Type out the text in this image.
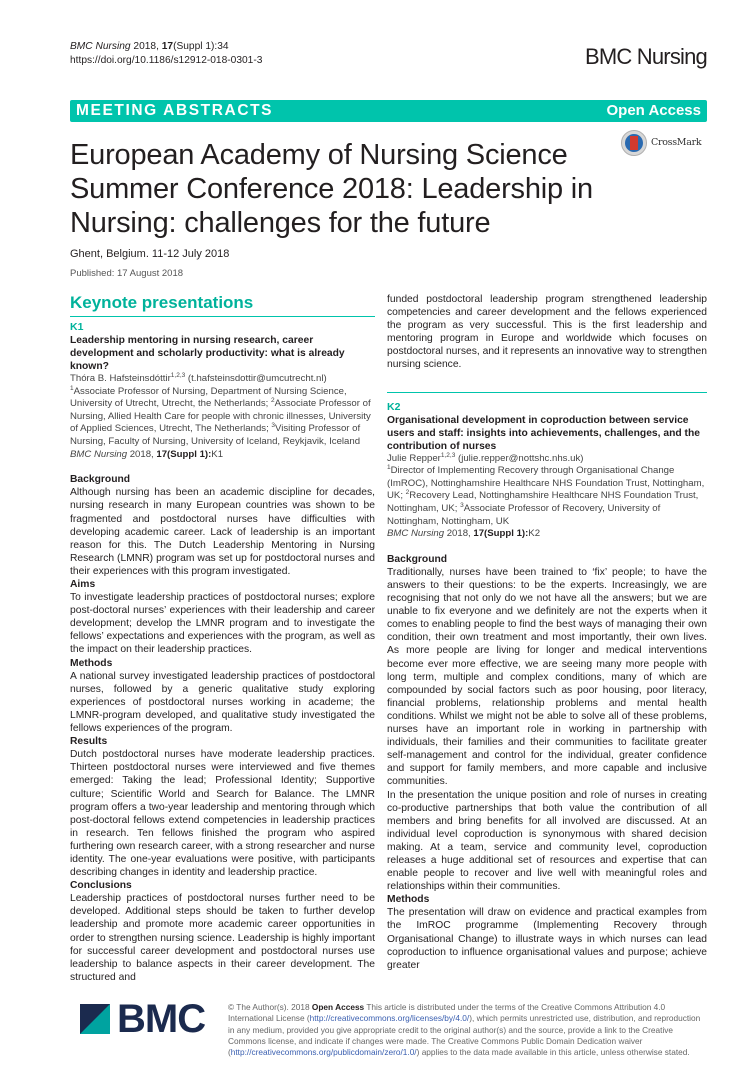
BMC Nursing 2018, 17(Suppl 1):34
https://doi.org/10.1186/s12912-018-0301-3	BMC Nursing
MEETING ABSTRACTS	Open Access
European Academy of Nursing Science Summer Conference 2018: Leadership in Nursing: challenges for the future
CrossMark
Ghent, Belgium. 11-12 July 2018
Published: 17 August 2018
Keynote presentations
K1
Leadership mentoring in nursing research, career development and scholarly productivity: what is already known?
Thóra B. Hafsteinsdóttir$^{1,2,3}$ (t.hafsteinsdottir@umcutrecht.nl)
$^1$Associate Professor of Nursing, Department of Nursing Science, University of Utrecht, Utrecht, the Netherlands; $^2$Associate Professor of Nursing, Allied Health Care for people with chronic illnesses, University of Applied Sciences, Utrecht, The Netherlands; $^3$Visiting Professor of Nursing, Faculty of Nursing, University of Iceland, Reykjavik, Iceland
BMC Nursing 2018, 17(Suppl 1):K1
Background

Although nursing has been an academic discipline for decades, nursing research in many European countries was shown to be fragmented and postdoctoral nurses have difficulties with developing academic career. Lack of leadership is an important reason for this. The Dutch Leadership Mentoring in Nursing Research (LMNR) program was set up for postdoctoral nurses and their experiences with this program investigated.

Aims

To investigate leadership practices of postdoctoral nurses; explore post-doctoral nurses’ experiences with their leadership and career development; develop the LMNR program and to investigate the fellows’ expectations and experiences with the program, as well as the impact on their leadership practices.

Methods

A national survey investigated leadership practices of postdoctoral nurses, followed by a generic qualitative study exploring experiences of postdoctoral nurses working in academe; the LMNR-program developed, and qualitative study investigated the fellows experiences of the program.

Results

Dutch postdoctoral nurses have moderate leadership practices. Thirteen postdoctoral nurses were interviewed and five themes emerged: Taking the lead; Professional Identity; Supportive culture; Scientific World and Search for Balance. The LMNR program offers a two-year leadership and mentoring through which post-doctoral fellows extend competencies in leadership practices in research. Ten fellows finished the program who aspired furthering own research career, with a strong researcher and nurse identity. The one-year evaluations were positive, with participants describing changes in identity and leadership practice.

Conclusions

Leadership practices of postdoctoral nurses further need to be developed. Additional steps should be taken to further develop leadership and promote more academic career opportunities in order to strengthen nursing science. Leadership is highly important for successful career development and postdoctoral nurses use leadership to balance aspects in their career development. The structured and

funded postdoctoral leadership program strengthened leadership competencies and career development and the fellows experienced the program as very successful. This is the first leadership and mentoring program in Europe and worldwide which focuses on postdoctoral nurses, and it represents an innovative way to strengthen nursing science.

K2
Organisational development in coproduction between service users and staff: insights into achievements, challenges, and the contribution of nurses
Julie Repper$^{1,2,3}$ (julie.repper@nottshc.nhs.uk)
$^1$Director of Implementing Recovery through Organisational Change (ImROC), Nottinghamshire Healthcare NHS Foundation Trust, Nottingham, UK; $^2$Recovery Lead, Nottinghamshire Healthcare NHS Foundation Trust, Nottingham, UK; $^3$Associate Professor of Recovery, University of Nottingham, Nottingham, UK
BMC Nursing 2018, 17(Suppl 1):K2
Background

Traditionally, nurses have been trained to ‘fix’ people; to have the answers to their questions: to be the experts. Increasingly, we are recognising that not only do we not have all the answers; but we are unable to fix everyone and we definitely are not the experts when it comes to enabling people to find the best ways of managing their own condition, their own treatment and most importantly, their own lives. As more people are living for longer and medical interventions become ever more effective, we are seeing many more people with long term, multiple and complex conditions, many of which are compounded by social factors such as poor housing, poor literacy, financial problems, relationship problems and mental health conditions. Whilst we might not be able to solve all of these problems, nurses have an important role in working in partnership with individuals, their families and their communities to facilitate greater self-management and control for the individual, greater confidence and support for family members, and more capable and inclusive communities.

In the presentation the unique position and role of nurses in creating co-productive partnerships that both value the contribution of all members and bring benefits for all involved are discussed. At an individual level coproduction is synonymous with shared decision making. At a team, service and community level, coproduction releases a huge additional set of resources and expertise that can enable people to recover and live well with meaningful roles and relationships within their communities.

Methods

The presentation will draw on evidence and practical examples from the ImROC programme (Implementing Recovery through Organisational Change) to illustrate ways in which nurses can lead coproduction to influence organisational values and purpose; achieve greater

BMC	© The Author(s). 2018 Open Access This article is distributed under the terms of the Creative Commons Attribution 4.0 International License (http://creativecommons.org/licenses/by/4.0/), which permits unrestricted use, distribution, and reproduction in any medium, provided you give appropriate credit to the original author(s) and the source, provide a link to the Creative Commons license, and indicate if changes were made. The Creative Commons Public Domain Dedication waiver (http://creativecommons.org/publicdomain/zero/1.0/) applies to the data made available in this article, unless otherwise stated.
